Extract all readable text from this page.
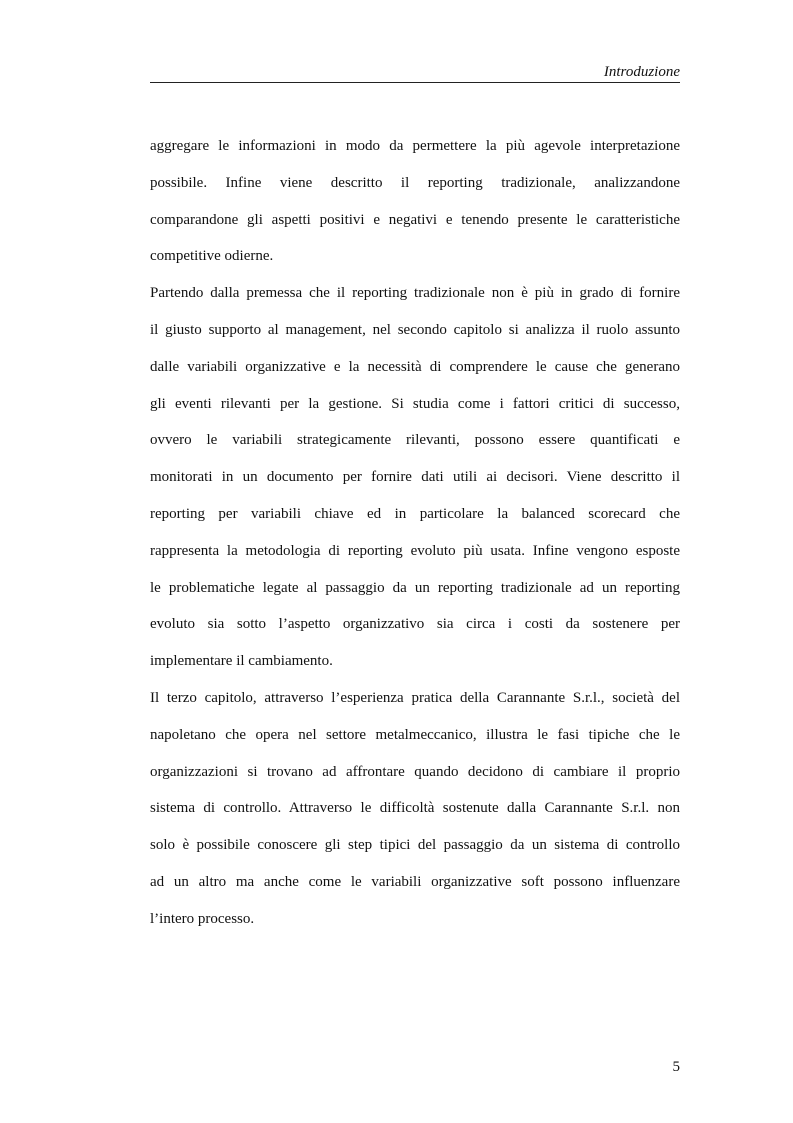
Introduzione
aggregare le informazioni in modo da permettere la più agevole interpretazione
possibile. Infine viene descritto il reporting tradizionale, analizzandone
comparandone gli aspetti positivi e negativi e tenendo presente le caratteristiche
competitive odierne.
Partendo dalla premessa che il reporting tradizionale non è più in grado di fornire
il giusto supporto al management, nel secondo capitolo si analizza il ruolo assunto
dalle variabili organizzative e la necessità di comprendere le cause che generano
gli eventi rilevanti per la gestione. Si studia come i fattori critici di successo,
ovvero le variabili strategicamente rilevanti, possono essere quantificati e
monitorati in un documento per fornire dati utili ai decisori. Viene descritto il
reporting per variabili chiave ed in particolare la balanced scorecard che
rappresenta la metodologia di reporting evoluto più usata. Infine vengono esposte
le problematiche legate al passaggio da un reporting tradizionale ad un reporting
evoluto sia sotto l’aspetto organizzativo sia circa i costi da sostenere per
implementare il cambiamento.
Il terzo capitolo, attraverso l’esperienza pratica della Carannante S.r.l., società del
napoletano che opera nel settore metalmeccanico, illustra le fasi tipiche che le
organizzazioni si trovano ad affrontare quando decidono di cambiare il proprio
sistema di controllo. Attraverso le difficoltà sostenute dalla Carannante S.r.l. non
solo è possibile conoscere gli step tipici del passaggio da un sistema di controllo
ad un altro ma anche come le variabili organizzative soft possono influenzare
l’intero processo.
5
